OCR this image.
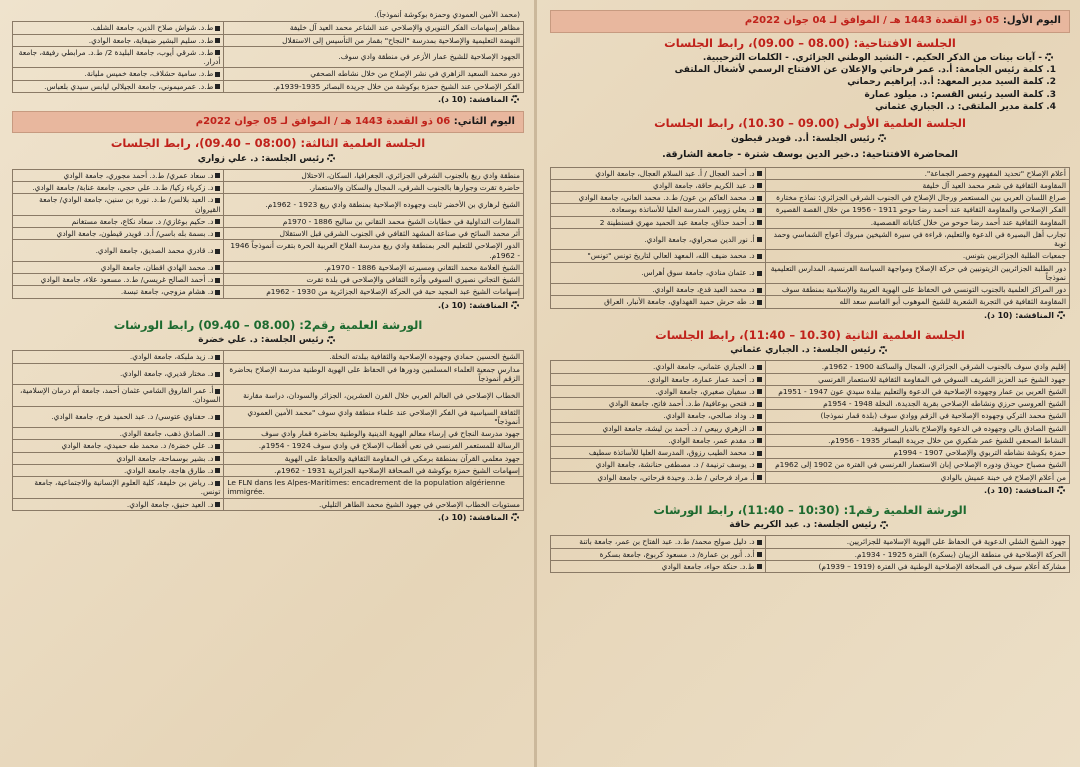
اليوم الأول: 05 ذو القعدة 1443 هـ / الموافق لـ 04 جوان 2022م
الجلسة الافتتاحية: (08.00 – 09.00)، رابط الجلسات

- آيات بينات من الذكر الحكيم. - النشيد الوطني الجزائري. - الكلمات الترحيبية.

1. كلمة رئيس الجامعة: أ.د. عمر فرحاتي والإعلان عن الافتتاح الرسمي لأشغال الملتقى

2. كلمة السيد مدير المعهد: أ.د. إبراهيم رحماني

3. كلمة السيد رئيس القسم: د. ميلود عمارة

4. كلمة مدير الملتقى: د. الجباري عثماني

الجلسة العلمية الأولى (09.00 – 10.30)، رابط الجلسات
رئيس الجلسة: أ.د. قويدر قيطون
المحاضرة الافتتاحية: د.خير الدين بوسف شترة - جامعة الشارقة.
أعلام الإصلاح "تحديد المفهوم وحصر الجماعة".	د. أحمد العجال / أ. عبد السلام العجال، جامعة الوادي
المقاومة الثقافية في شعر محمد العيد آل خليفة	د. عبد الكريم حاقة، جامعة الوادي
صراع اللسان العربي بين المستعمر ورجال الإصلاح في الجنوب الشرقي الجزائري: نماذج مختارة	د. محمد العاكم بن عون/ ط.د. محمد العاني، جامعة الوادي
الفكر الإصلاحي والمقاومة الثقافية عند أحمد رضا حوحو 1911 - 1956 من خلال القصة القصيرة	د. يعلي زوبير، المدرسة العليا للأساتذة بوسعادة.
المقاومة الثقافية عند أحمد رضا حوحو من خلال كتاباته القصصية.	د. أحمد حذاق، جامعة عبد الحميد مهري قسنطينة 2
تجارب أهل البصيرة في الدعوة والتعليم، قراءة في سيرة الشيخين مبروك أعواج الشماسي وحمد توبة	أ. نور الدين صحراوي، جامعة الوادي.
جمعيات الطلبة الجزائريين بتونس.	د. محمد ضيف الله، المعهد العالي لتاريخ تونس "تونس"
دور الطلبة الجزائريين الزيتونيين في حركة الإصلاح ومواجهة السياسة الفرنسية، المدارس التعليمية نموذجاً	د. عثمان منادي، جامعة سوق أهراس.
دور المراكز العلمية بالجنوب التونسي في الحفاظ على الهوية العربية والإسلامية بمنطقة سوف	د. محمد العيد قدع، جامعة الوادي.
المقاومة الثقافية في التجربة الشعرية للشيخ الموهوب أبو القاسم سعد الله	د. طه حرش حميد الفهداوي، جامعة الأنبار، العراق
المناقشة: (10 د).
الجلسة العلمية الثانية (10.30 – 11:40)، رابط الجلسات
رئيس الجلسة: د. الجباري عثماني
إقليم وادي سوف بالجنوب الشرقي الجزائري، المجال والساكنة 1900 - 1962م.	د. الجباري عثماني، جامعة الوادي.
جهود الشيخ عبد العزيز الشريف السوفي في المقاومة الثقافية للاستعمار الفرنسي	د. أحمد عمار عمارة، جامعة الوادي.
الشيخ العربي بن عمار وجهوده الإصلاحية في الدعوة والتعليم ببلدة سيدي عون 1947 - 1951م	د. سفيان صغيري، جامعة الوادي.
الشيخ العروسي حرزي ونشاطه الإصلاحي بقرية الجديدة، النخلة 1948 - 1954م	د. فتحي بوعافية/ ط.د. أحمد فاتح، جامعة الوادي
الشيخ محمد التركي وجهوده الإصلاحية في الزقم ووادي سوف (بلدة قمار نموذجا)	د. وداد صالحي، جامعة الوادي.
الشيخ الصادق بالي وجهوده في الدعوة والإصلاح بالديار السوفية.	د. الزهري ربيعي / د. أحمد بن ليشة، جامعة الوادي
النشاط الصحفي للشيخ عمر شكيري من خلال جريدة البصائر 1935 - 1956م.	د. مقدم عمر، جامعة الوادي.
حمزة بكوشة نشاطه التربوي والإصلاحي 1907 - 1994م	د. محمد الطيب رزوق، المدرسة العليا للأساتذة سطيف
الشيخ مصباح حويذق ودوره الإصلاحي إبان الاستعمار الفرنسي في الفترة من 1902 إلى 1962م	د. يوسف ترنيمة / د. مصطفى حنانشة، جامعة الوادي
من أعلام الإصلاح في خبنة عميش بالوادي	أ. مراد فرحاتي / ط.د. وحيدة فرحاتي، جامعة الوادي
المناقشة: (10 د).
الورشة العلمية رقم1: (10:30 – 11:40)، رابط الورشات
رئيس الجلسة: د. عبد الكريم حاقة
جهود الشيخ الشلي الدعوية في الحفاظ على الهوية الإسلامية للجزائريين.	د. دليل صولح محمد/ ط.د. عبد الفتاح بن عمر، جامعة باتنة
الحركة الإصلاحية في منطقة الزيبان (بسكرة) الفترة 1925 - 1934م.	أ.د. أنور بن عمارة/ د. مسعود كربوع، جامعة بسكرة
مشاركة أعلام سوف في الصحافة الإصلاحية الوطنية في الفترة (1919 – 1939م)	ط.د. حنكة حواء، جامعة الوادي
(محمد الأمين العمودي وحمزة بوكوشة أنموذجاً).
مظاهر إسهامات الفكر التنويري والإصلاحي عند الشاعر محمد العيد آل خليفة	ط.د. شواش صلاح الدين، جامعة الشلف.
النهضة التعليمية والإصلاحية بمدرسة "النجاح" بقمار من التأسيس إلى الاستقلال	ط.د. سليم البشير ضيفاية، جامعة الوادي.
الجهود الإصلاحية للشيخ عمار الأزعر في منطقة وادي سوف.	ط.د. شرقي أيوب، جامعة البليدة 2/ ط.د. مرابطي رفيقة، جامعة أدرار.
دور محمد السعيد الزاهري في نشر الإصلاح من خلال نشاطه الصحفي	ط.د. سامية حشلاف، جامعة خميس مليانة.
الفكر الإصلاحي عند الشيخ حمزة بوكوشة من خلال جريدة البصائر 1935-1939م.	ط.د. عمرميموني، جامعة الجيلالي ليابس سيدي بلعباس.
المناقشة: (10 د).
اليوم الثاني: 06 ذو القعدة 1443 هـ / الموافق لـ 05 جوان 2022م
الجلسة العلمية الثالثة: (08:00 – 09.40)، رابط الجلسات
رئيس الجلسة: د. علي زواري
منطقة وادي ريغ بالجنوب الشرقي الجزائري، الجغرافيا، السكان، الاحتلال	د. سعاد عمري/ ط.د. أحمد مجوري، جامعة الوادي
حاضرة تقرت وجوارها بالجنوب الشرقي، المجال والسكان والاستعمار.	د. زكرياء زكيا/ ط.د. علي حجي، جامعة عنابة/ جامعة الوادي.
الشيخ لرهاري بن الأخضر ثابت وجهوده الإصلاحية بمنطقة وادي ريغ 1923 - 1962م.	د. العيد بلالس/ ط.د. نورة بن سنين، جامعة الوادي/ جامعة القيروان
المقارات التداولية في خطابات الشيخ محمد التقاني بن ساليح 1886 - 1970م	د. حكيم بوغازي/ د. سعاد نكاع، جامعة مستغانم
أثر محمد السائح في صناعة المشهد الثقافي في الجنوب الشرقي قبل الاستقلال	د. بسمة بله باسي/ أ.د. قويدر قيطون، جامعة الوادي
الدور الإصلاحي للتعليم الحر بمنطقة وادي ريغ مدرسة الفلاح العربية الحرة بتقرت أنموذجاً 1946 - 1962م.	د. قادري محمد الصديق، جامعة الوادي.
الشيخ العلامة محمد التقاني ومسيرته الإصلاحية 1886 - 1970م.	د. محمد الهادي اقطان، جامعة الوادي
الشيخ التجاني نصيري السوفي وأثره الثقافي والإصلاحي في بلدة تقرت	د. أحمد الصالح غريسي/ ط.د. مسعود علاء، جامعة الوادي
إسهامات الشيخ عبد المجيد حبة في الحركة الإصلاحية الجزائرية من 1930 - 1962م	د. هشام مزوجي، جامعة تبسة.
المناقشة: (10 د).
الورشة العلمية رقم2: (08.00 – 09.40) رابط الورشات
رئيس الجلسة: د. علي خضرة
الشيخ الحسين حمادي وجهوده الإصلاحية والثقافية ببلدته النخلة.	د. زيد ملبكة، جامعة الوادي.
مدارس جمعية العلماء المسلمين ودورها في الحفاظ على الهوية الوطنية مدرسة الإصلاح بحاضرة الزقم أنموذجاً	د. مختار قديري، جامعة الوادي.
الخطاب الإصلاحي في العالم العربي خلال القرن العشرين، الجزائر والسودان، دراسة مقارنة	أ. عمر الفاروق الشامي عثمان أحمد، جامعة أم درمان الإسلامية، السودان.
الثقافة السياسية في الفكر الإصلاحي عند علماء منطقة وادي سوف "محمد الأمين العمودي أنموذجاً"	د. حفناوي عتوسي/ د. عبد الحميد فرج، جامعة الوادي.
جهود مدرسة النجاح في إرساء معالم الهوية الدينية والوطنية بحاضرة قمار وادي سوف	د. الصادق ذهب، جامعة الوادي.
الرسالة للمستعمر الفرنسي في نعي أقطاب الإصلاح في وادي سوف 1924 - 1954م.	د. علي خضرة/ د. محمد طه حميدي، جامعة الوادي
جهود معلمي القرآن بمنطقة برمكي في المقاومة الثقافية والحفاظ على الهوية	د. بشير بوسماحة، جامعة الوادي
إسهامات الشيخ حمزة بوكوشة في الصحافة الإصلاحية الجزائرية 1931 - 1962م.	د. طارق هاجة، جامعة الوادي.

Le FLN dans les Alpes-Maritimes: encadrement de la population algérienne immigrée.	د. رياض بن خليفة، كلية العلوم الإنسانية والاجتماعية، جامعة تونس.
مستويات الخطاب الإصلاحي في جهود الشيخ محمد الطاهر التليلي.	د. العيد حنيق، جامعة الوادي.
المناقشة: (10 د).
